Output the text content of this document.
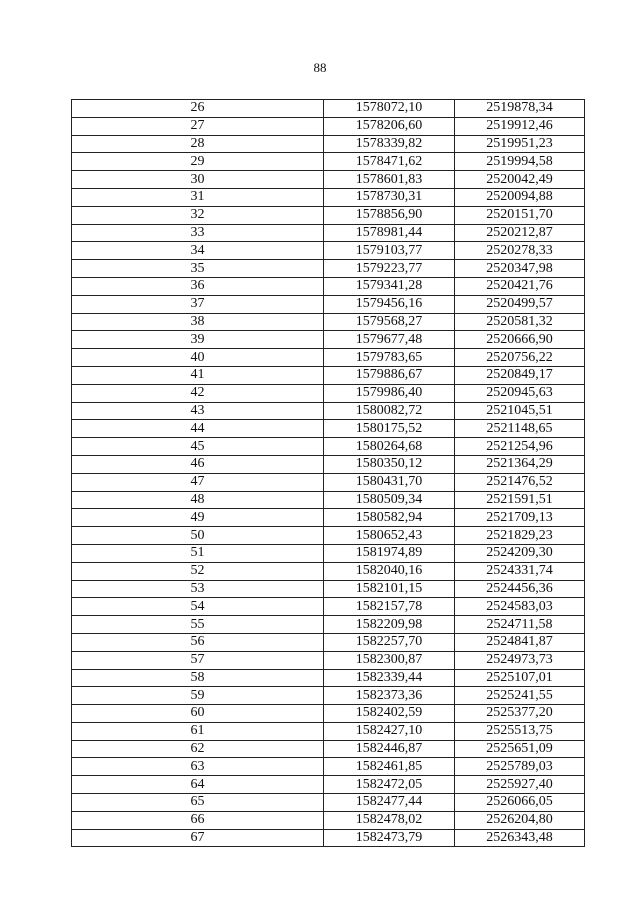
88
26	1578072,10	2519878,34
27	1578206,60	2519912,46
28	1578339,82	2519951,23
29	1578471,62	2519994,58
30	1578601,83	2520042,49
31	1578730,31	2520094,88
32	1578856,90	2520151,70
33	1578981,44	2520212,87
34	1579103,77	2520278,33
35	1579223,77	2520347,98
36	1579341,28	2520421,76
37	1579456,16	2520499,57
38	1579568,27	2520581,32
39	1579677,48	2520666,90
40	1579783,65	2520756,22
41	1579886,67	2520849,17
42	1579986,40	2520945,63
43	1580082,72	2521045,51
44	1580175,52	2521148,65
45	1580264,68	2521254,96
46	1580350,12	2521364,29
47	1580431,70	2521476,52
48	1580509,34	2521591,51
49	1580582,94	2521709,13
50	1580652,43	2521829,23
51	1581974,89	2524209,30
52	1582040,16	2524331,74
53	1582101,15	2524456,36
54	1582157,78	2524583,03
55	1582209,98	2524711,58
56	1582257,70	2524841,87
57	1582300,87	2524973,73
58	1582339,44	2525107,01
59	1582373,36	2525241,55
60	1582402,59	2525377,20
61	1582427,10	2525513,75
62	1582446,87	2525651,09
63	1582461,85	2525789,03
64	1582472,05	2525927,40
65	1582477,44	2526066,05
66	1582478,02	2526204,80
67	1582473,79	2526343,48
